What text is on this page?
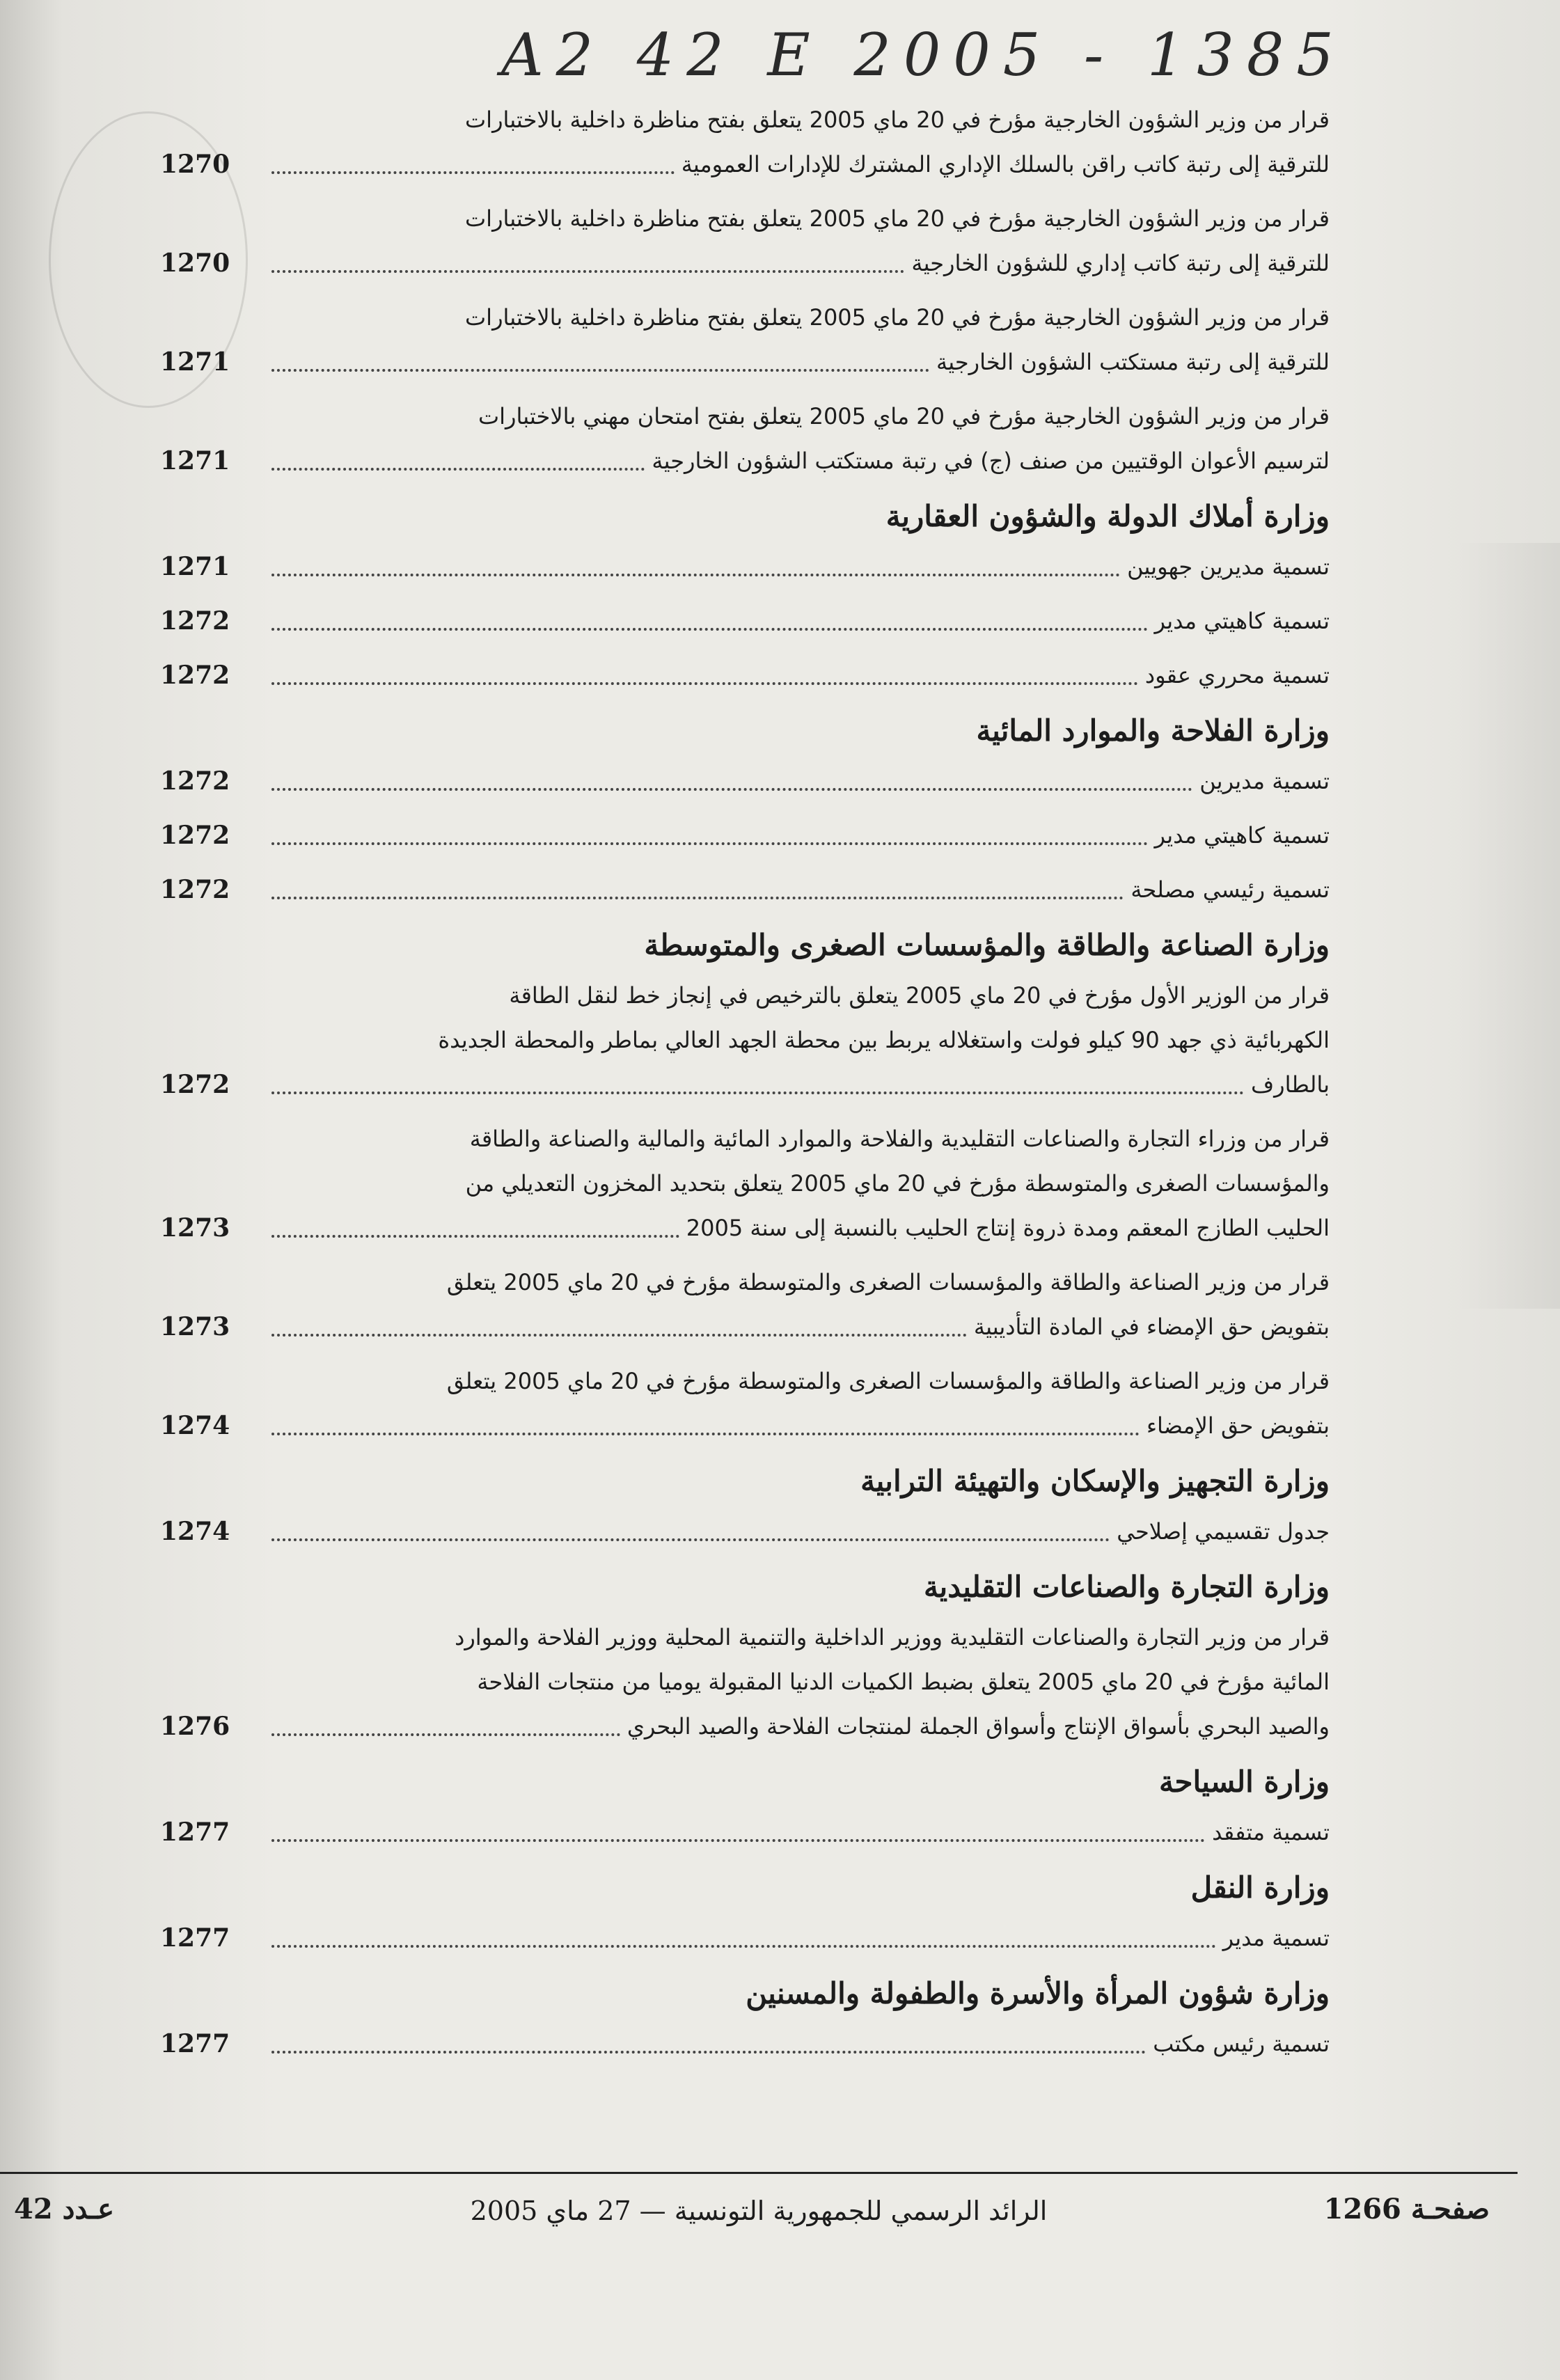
A2 42 E 2005 - 1385
قرار من وزير الشؤون الخارجية مؤرخ في 20 ماي 2005 يتعلق بفتح مناظرة داخلية بالاختبارات
للترقية إلى رتبة كاتب راقن بالسلك الإداري المشترك للإدارات العمومية
1270
قرار من وزير الشؤون الخارجية مؤرخ في 20 ماي 2005 يتعلق بفتح مناظرة داخلية بالاختبارات
للترقية إلى رتبة كاتب إداري للشؤون الخارجية
1270
قرار من وزير الشؤون الخارجية مؤرخ في 20 ماي 2005 يتعلق بفتح مناظرة داخلية بالاختبارات
للترقية إلى رتبة مستكتب الشؤون الخارجية
1271
قرار من وزير الشؤون الخارجية مؤرخ في 20 ماي 2005 يتعلق بفتح امتحان مهني بالاختبارات
لترسيم الأعوان الوقتيين من صنف (ج) في رتبة مستكتب الشؤون الخارجية
1271
وزارة أملاك الدولة والشؤون العقارية
تسمية مديرين جهويين
1271
تسمية كاهيتي مدير
1272
تسمية محرري عقود
1272
وزارة الفلاحة والموارد المائية
تسمية مديرين
1272
تسمية كاهيتي مدير
1272
تسمية رئيسي مصلحة
1272
وزارة الصناعة والطاقة والمؤسسات الصغرى والمتوسطة
قرار من الوزير الأول مؤرخ في 20 ماي 2005 يتعلق بالترخيص في إنجاز خط لنقل الطاقة
الكهربائية ذي جهد 90 كيلو فولت واستغلاله يربط بين محطة الجهد العالي بماطر والمحطة الجديدة
بالطارف
1272
قرار من وزراء التجارة والصناعات التقليدية والفلاحة والموارد المائية والمالية والصناعة والطاقة
والمؤسسات الصغرى والمتوسطة مؤرخ في 20 ماي 2005 يتعلق بتحديد المخزون التعديلي من
الحليب الطازج المعقم ومدة ذروة إنتاج الحليب بالنسبة إلى سنة 2005
1273
قرار من وزير الصناعة والطاقة والمؤسسات الصغرى والمتوسطة مؤرخ في 20 ماي 2005 يتعلق
بتفويض حق الإمضاء في المادة التأديبية
1273
قرار من وزير الصناعة والطاقة والمؤسسات الصغرى والمتوسطة مؤرخ في 20 ماي 2005 يتعلق
بتفويض حق الإمضاء
1274
وزارة التجهيز والإسكان والتهيئة الترابية
جدول تقسيمي إصلاحي
1274
وزارة التجارة والصناعات التقليدية
قرار من وزير التجارة والصناعات التقليدية ووزير الداخلية والتنمية المحلية ووزير الفلاحة والموارد
المائية مؤرخ في 20 ماي 2005 يتعلق بضبط الكميات الدنيا المقبولة يوميا من منتجات الفلاحة
والصيد البحري بأسواق الإنتاج وأسواق الجملة لمنتجات الفلاحة والصيد البحري
1276
وزارة السياحة
تسمية متفقد
1277
وزارة النقل
تسمية مدير
1277
وزارة شؤون المرأة والأسرة والطفولة والمسنين
تسمية رئيس مكتب
1277
صفحـة 1266
الرائد الرسمي للجمهورية التونسية — 27 ماي 2005
عـدد 42
